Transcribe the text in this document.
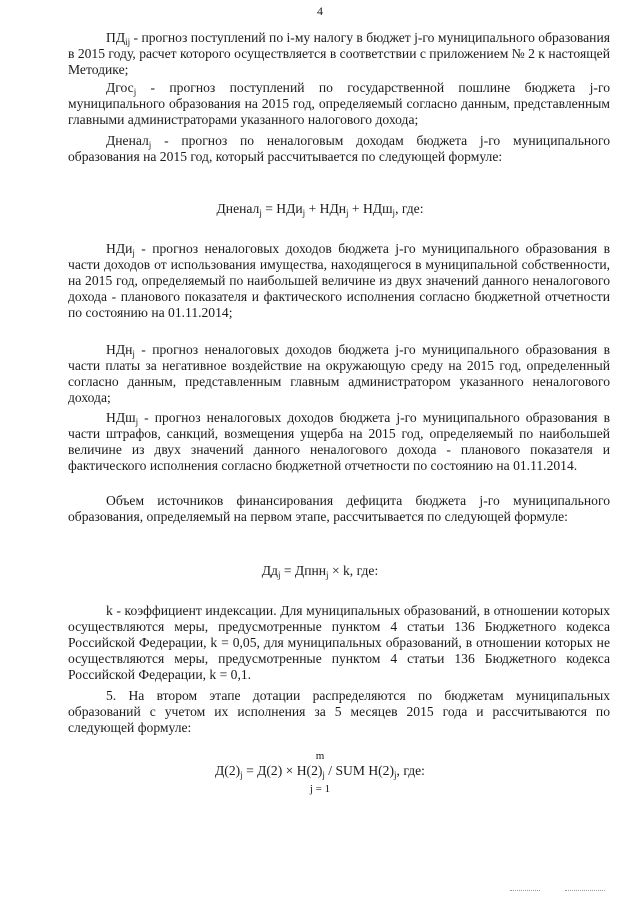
4

$ПД_{ij}$ - прогноз поступлений по i-му налогу в бюджет j-го муниципального образования в 2015 году, расчет которого осуществляется в соответствии с приложением № 2 к настоящей Методике;

Дгос$_j$ - прогноз поступлений по государственной пошлине бюджета j-го муниципального образования на 2015 год, определяемый согласно данным, представленным главными администраторами указанного налогового дохода;

Дненал$_j$ - прогноз по неналоговым доходам бюджета j-го муниципального образования на 2015 год, который рассчитывается по следующей формуле:

Дненал$_j$ = НДи$_j$ + НДн$_j$ + НДш$_j$, где:

НДи$_j$ - прогноз неналоговых доходов бюджета j-го муниципального образования в части доходов от использования имущества, находящегося в муниципальной собственности, на 2015 год, определяемый по наибольшей величине из двух значений данного неналогового дохода - планового показателя и фактического исполнения согласно бюджетной отчетности по состоянию на 01.11.2014;

НДн$_j$ - прогноз неналоговых доходов бюджета j-го муниципального образования в части платы за негативное воздействие на окружающую среду на 2015 год, определенный согласно данным, представленным главным администратором указанного неналогового дохода;

НДш$_j$ - прогноз неналоговых доходов бюджета j-го муниципального образования в части штрафов, санкций, возмещения ущерба на 2015 год, определяемый по наибольшей величине из двух значений данного неналогового дохода - планового показателя и фактического исполнения согласно бюджетной отчетности по состоянию на 01.11.2014.

Объем источников финансирования дефицита бюджета j-го муниципального образования, определяемый на первом этапе, рассчитывается по следующей формуле:

$Дд_j$ = Дпнн$_j$ × k, где:

k - коэффициент индексации. Для муниципальных образований, в отношении которых осуществляются меры, предусмотренные пунктом 4 статьи 136 Бюджетного кодекса Российской Федерации, k = 0,05, для муниципальных образований, в отношении которых не осуществляются меры, предусмотренные пунктом 4 статьи 136 Бюджетного кодекса Российской Федерации, k = 0,1.

5. На втором этапе дотации распределяются по бюджетам муниципальных образований с учетом их исполнения за 5 месяцев 2015 года и рассчитываются по следующей формуле:

m

$Д(2)_j = Д(2) \times Н(2)_j$ / SUM $Н(2)_j$, где:

j = 1
